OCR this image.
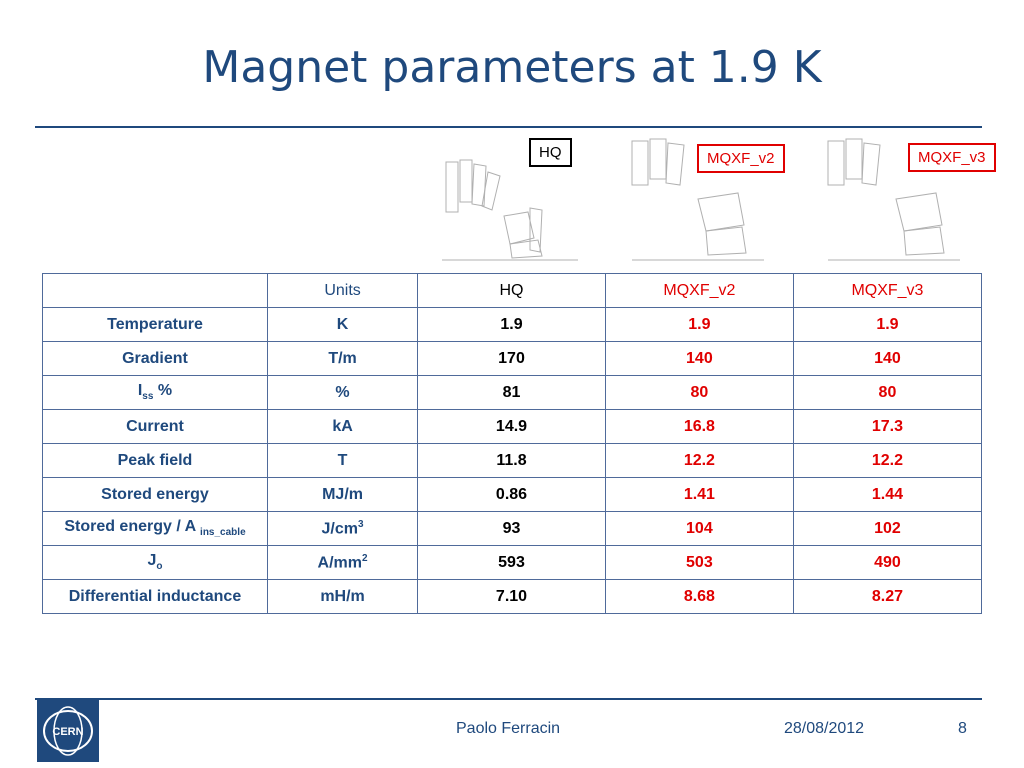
Magnet parameters at 1.9 K
HQ	MQXF_v2	MQXF_v3
	Units	HQ	MQXF_v2	MQXF_v3
Temperature	K	1.9	1.9	1.9
Gradient	T/m	170	140	140
$I_{ss}$ %	%	81	80	80
Current	kA	14.9	16.8	17.3
Peak field	T	11.8	12.2	12.2
Stored energy	MJ/m	0.86	1.41	1.44
Stored energy / A $_{ins\_cable}$	$J/cm^3$	93	104	102
$J_o$	$A/mm^2$	593	503	490
Differential inductance	mH/m	7.10	8.68	8.27
CERN	Paolo Ferracin	28/08/2012	8
